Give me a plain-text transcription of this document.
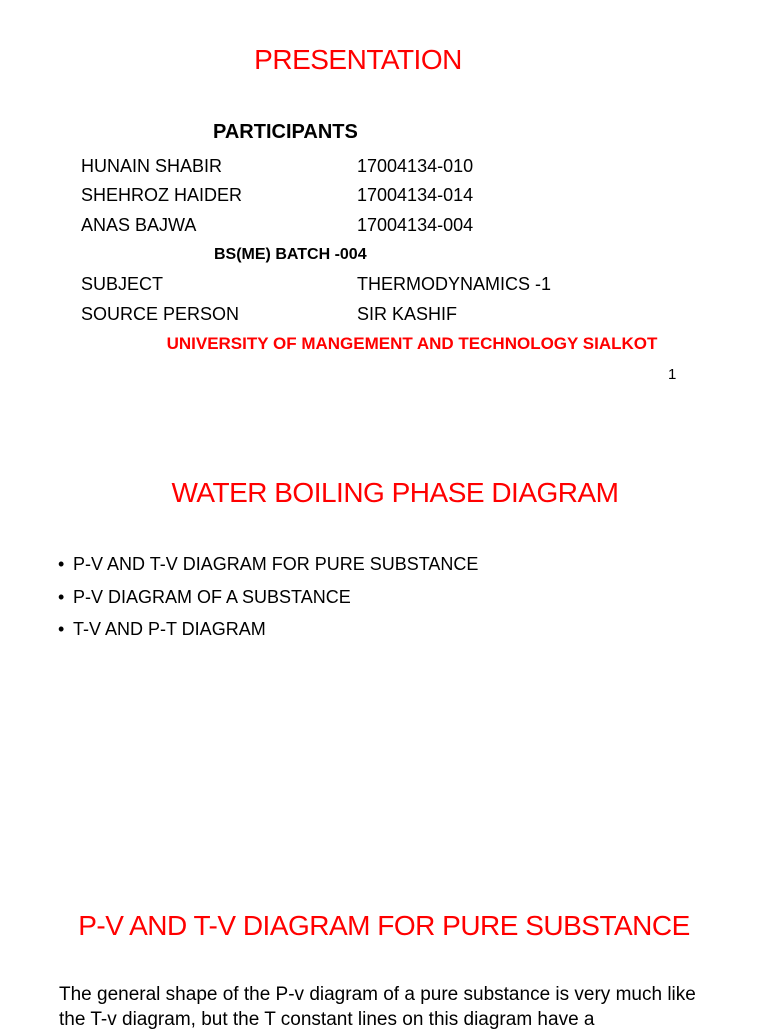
PRESENTATION
PARTICIPANTS
HUNAIN SHABIR	17004134-010
SHEHROZ HAIDER	17004134-014
ANAS BAJWA	17004134-004
BS(ME) BATCH -004
SUBJECT	THERMODYNAMICS -1
SOURCE PERSON	SIR KASHIF
UNIVERSITY OF MANGEMENT AND TECHNOLOGY SIALKOT
1
WATER BOILING PHASE DIAGRAM
• P-V AND T-V DIAGRAM FOR PURE SUBSTANCE
• P-V DIAGRAM OF A SUBSTANCE
• T-V AND P-T DIAGRAM
P-V AND T-V DIAGRAM FOR PURE SUBSTANCE
The general shape of the P-v diagram of a pure substance is very much like the T-v diagram, but the T constant lines on this diagram have a
